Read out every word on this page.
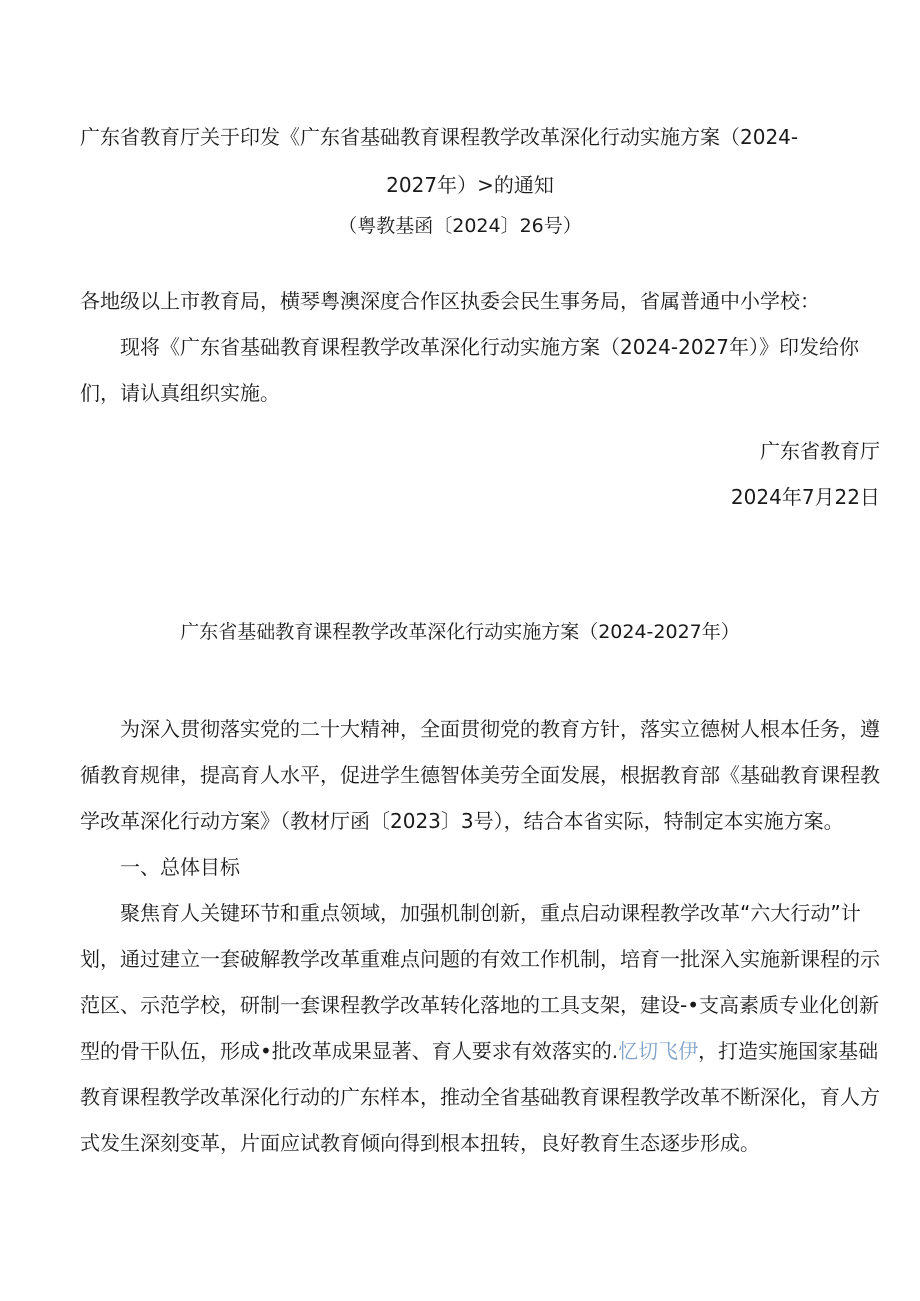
广东省教育厅关于印发《广东省基础教育课程教学改革深化行动实施方案（2024-
2027年）>的通知
（粤教基函〔2024〕26号）
各地级以上市教育局，横琴粤澳深度合作区执委会民生事务局，省属普通中小学校：

现将《广东省基础教育课程教学改革深化行动实施方案（2024-2027年）》印发给你们，请认真组织实施。

广东省教育厅
2024年7月22日
广东省基础教育课程教学改革深化行动实施方案（2024-2027年）

为深入贯彻落实党的二十大精神，全面贯彻党的教育方针，落实立德树人根本任务，遵循教育规律，提高育人水平，促进学生德智体美劳全面发展，根据教育部《基础教育课程教学改革深化行动方案》（教材厅函〔2023〕3号），结合本省实际，特制定本实施方案。

一、总体目标

聚焦育人关键环节和重点领域，加强机制创新，重点启动课程教学改革“六大行动”计划，通过建立一套破解教学改革重难点问题的有效工作机制，培育一批深入实施新课程的示范区、示范学校，研制一套课程教学改革转化落地的工具支架，建设-•支高素质专业化创新型的骨干队伍，形成•批改革成果显著、育人要求有效落实的.忆切飞伊，打造实施国家基础教育课程教学改革深化行动的广东样本，推动全省基础教育课程教学改革不断深化，育人方式发生深刻变革，片面应试教育倾向得到根本扭转，良好教育生态逐步形成。
